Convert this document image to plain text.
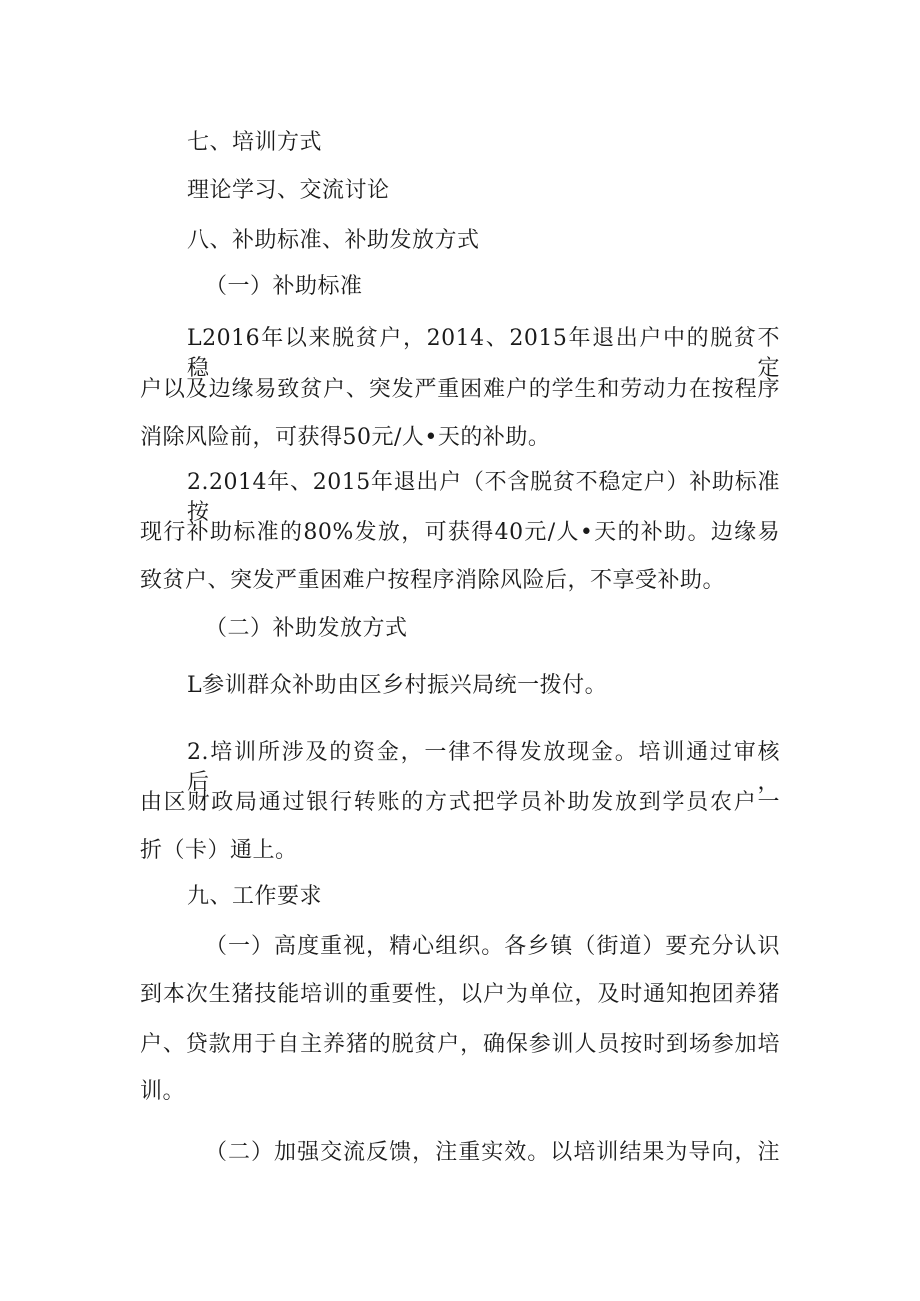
七、培训方式
理论学习、交流讨论
八、补助标准、补助发放方式
（一）补助标准
L2016年以来脱贫户，2014、2015年退出户中的脱贫不稳定
户以及边缘易致贫户、突发严重困难户的学生和劳动力在按程序
消除风险前，可获得50元/人•天的补助。
2.2014年、2015年退出户（不含脱贫不稳定户）补助标准按
现行补助标准的80%发放，可获得40元/人•天的补助。边缘易
致贫户、突发严重困难户按程序消除风险后，不享受补助。
（二）补助发放方式
L参训群众补助由区乡村振兴局统一拨付。
2.培训所涉及的资金，一律不得发放现金。培训通过审核后，
由区财政局通过银行转账的方式把学员补助发放到学员农户一
折（卡）通上。
九、工作要求
（一）高度重视，精心组织。各乡镇（街道）要充分认识
到本次生猪技能培训的重要性，以户为单位，及时通知抱团养猪
户、贷款用于自主养猪的脱贫户，确保参训人员按时到场参加培
训。
（二）加强交流反馈，注重实效。以培训结果为导向，注
